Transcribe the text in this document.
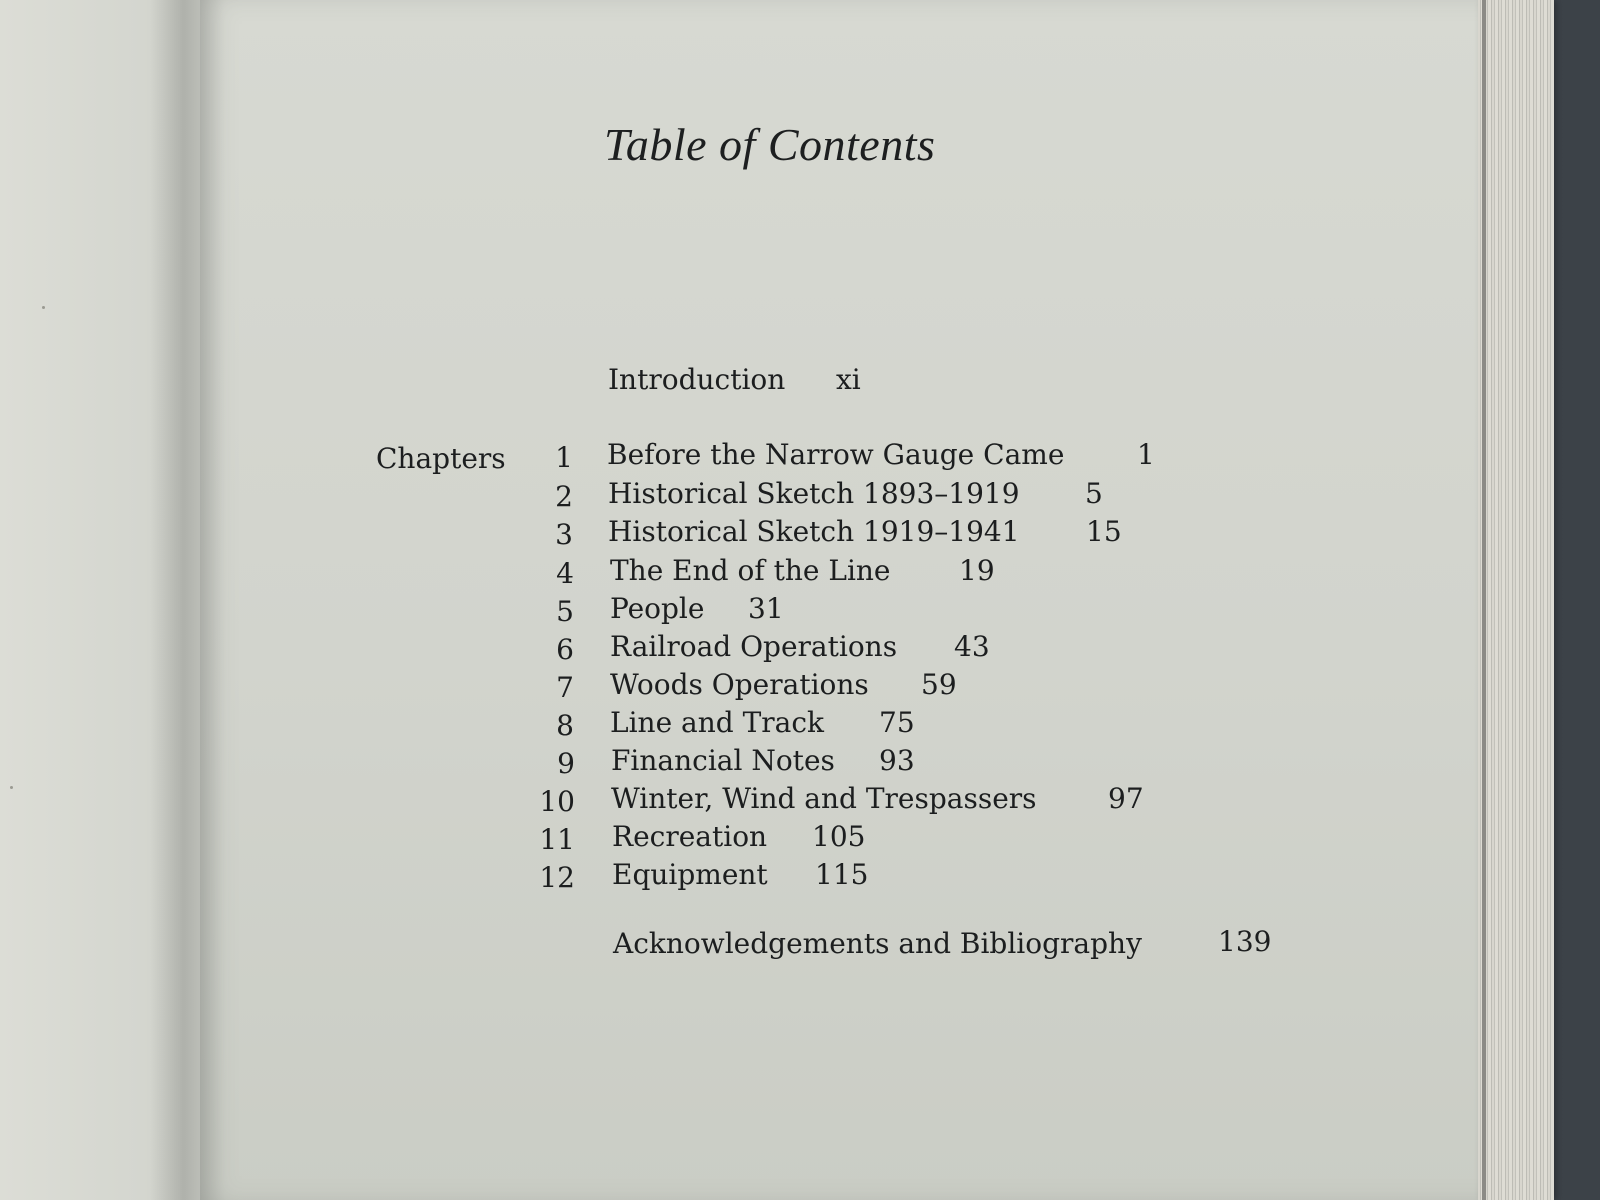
Table of Contents
Introduction xi
Chapters	1 Before the Narrow Gauge Came	1
2 Historical Sketch 1893–1919 5
3 Historical Sketch 1919–1941 15
4 The End of the Line 19
5 People 31
6 Railroad Operations 43
7 Woods Operations 59
8 Line and Track 75
9 Financial Notes 93
10 Winter, Wind and Trespassers	97
11 Recreation 105
12 Equipment 115
Acknowledgements and Bibliography	139
